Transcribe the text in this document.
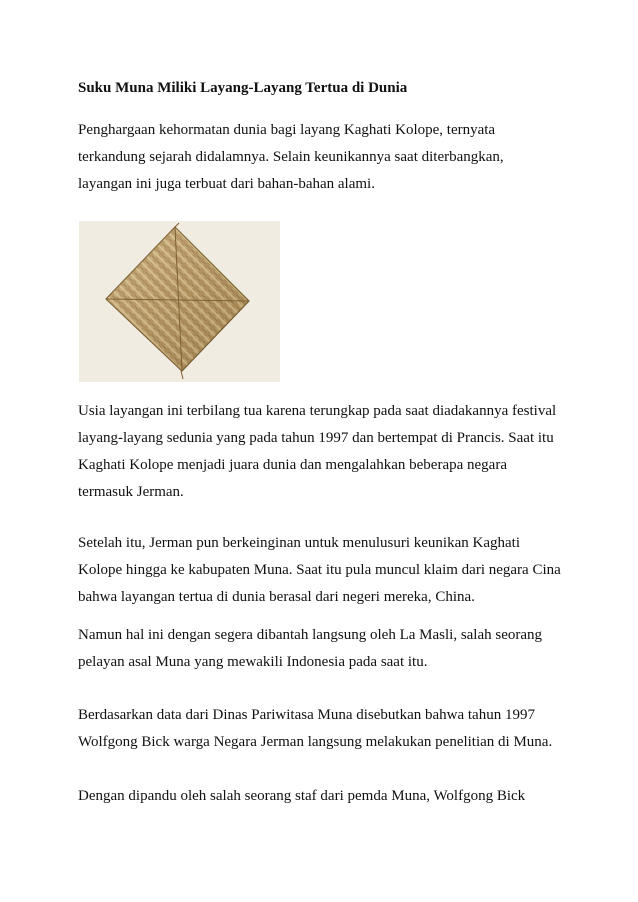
Suku Muna Miliki Layang-Layang Tertua di Dunia
Penghargaan kehormatan dunia bagi layang Kaghati Kolope, ternyata
terkandung sejarah didalamnya. Selain keunikannya saat diterbangkan,
layangan ini juga terbuat dari bahan-bahan alami.
Usia layangan ini terbilang tua karena terungkap pada saat diadakannya festival
layang-layang sedunia yang pada tahun 1997 dan bertempat di Prancis. Saat itu
Kaghati Kolope menjadi juara dunia dan mengalahkan beberapa negara
termasuk Jerman.
Setelah itu, Jerman pun berkeinginan untuk menulusuri keunikan Kaghati
Kolope hingga ke kabupaten Muna. Saat itu pula muncul klaim dari negara Cina
bahwa layangan tertua di dunia berasal dari negeri mereka, China.
Namun hal ini dengan segera dibantah langsung oleh La Masli, salah seorang
pelayan asal Muna yang mewakili Indonesia pada saat itu.
Berdasarkan data dari Dinas Pariwitasa Muna disebutkan bahwa tahun 1997
Wolfgong Bick warga Negara Jerman langsung melakukan penelitian di Muna.
Dengan dipandu oleh salah seorang staf dari pemda Muna, Wolfgong Bick
